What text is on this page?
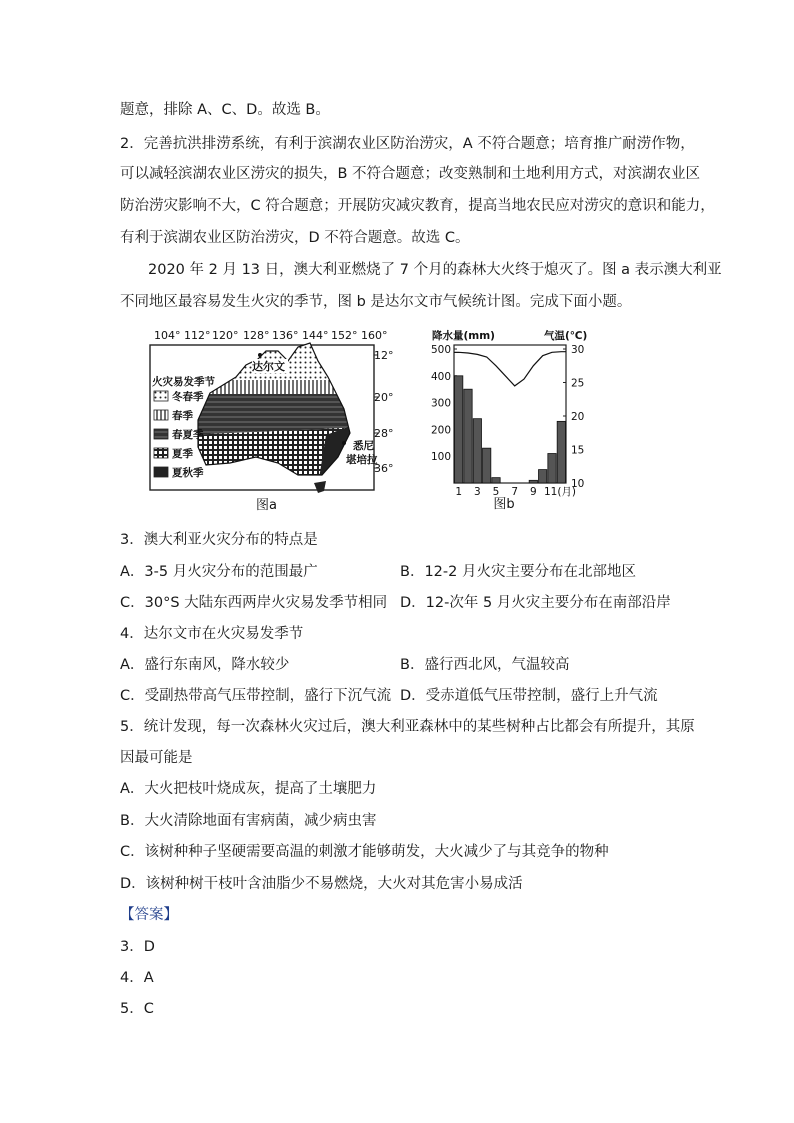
题意，排除 A、C、D。故选 B。
2．完善抗洪排涝系统，有利于滨湖农业区防治涝灾，A 不符合题意；培育推广耐涝作物，
可以减轻滨湖农业区涝灾的损失，B 不符合题意；改变熟制和土地利用方式，对滨湖农业区
防治涝灾影响不大，C 符合题意；开展防灾减灾教育，提高当地农民应对涝灾的意识和能力，
有利于滨湖农业区防治涝灾，D 不符合题意。故选 C。
2020 年 2 月 13 日，澳大利亚燃烧了 7 个月的森林大火终于熄灭了。图 a 表示澳大利亚
不同地区最容易发生火灾的季节，图 b 是达尔文市气候统计图。完成下面小题。
104° 112° 120° 128° 136° 144° 152° 160°
12°
20°
28°
36°
达尔文
悉尼
堪培拉
火灾易发季节
冬春季
春季
春夏季
夏季
夏秋季
图a
降水量(mm)	气温(℃)
500
400
300
200
100
30
25
20
15
10
1 3 5 7 9 11(月)
图b
3．澳大利亚火灾分布的特点是
A．3-5 月火灾分布的范围最广	B．12-2 月火灾主要分布在北部地区
C．30°S 大陆东西两岸火灾易发季节相同 D．12-次年 5 月火灾主要分布在南部沿岸
4．达尔文市在火灾易发季节
A．盛行东南风，降水较少	B．盛行西北风，气温较高
C．受副热带高气压带控制，盛行下沉气流 D．受赤道低气压带控制，盛行上升气流
5．统计发现，每一次森林火灾过后，澳大利亚森林中的某些树种占比都会有所提升，其原
因最可能是
A．大火把枝叶烧成灰，提高了土壤肥力
B．大火清除地面有害病菌，减少病虫害
C．该树种种子坚硬需要高温的刺激才能够萌发，大火减少了与其竞争的物种
D．该树种树干枝叶含油脂少不易燃烧，大火对其危害小易成活
【答案】
3．D
4．A
5．C
